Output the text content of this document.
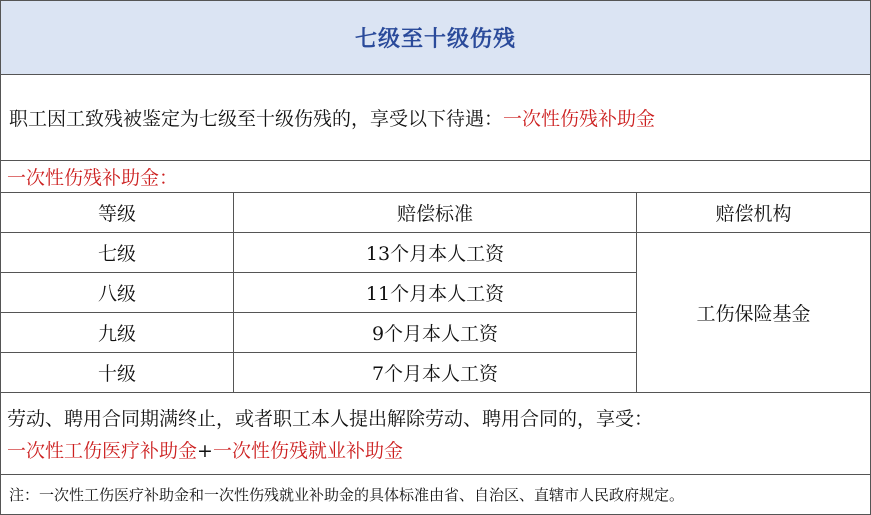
七级至十级伤残
职工因工致残被鉴定为七级至十级伤残的，享受以下待遇： 一次性伤残补助金
一次性伤残补助金：
等级	赔偿标准	赔偿机构
七级	13个月本人工资	工伤保险基金
八级	11个月本人工资	
九级	9个月本人工资	
十级	7个月本人工资	
劳动、聘用合同期满终止，或者职工本人提出解除劳动、聘用合同的，享受：
一次性工伤医疗补助金+一次性伤残就业补助金
注：一次性工伤医疗补助金和一次性伤残就业补助金的具体标准由省、自治区、直辖市人民政府规定。
